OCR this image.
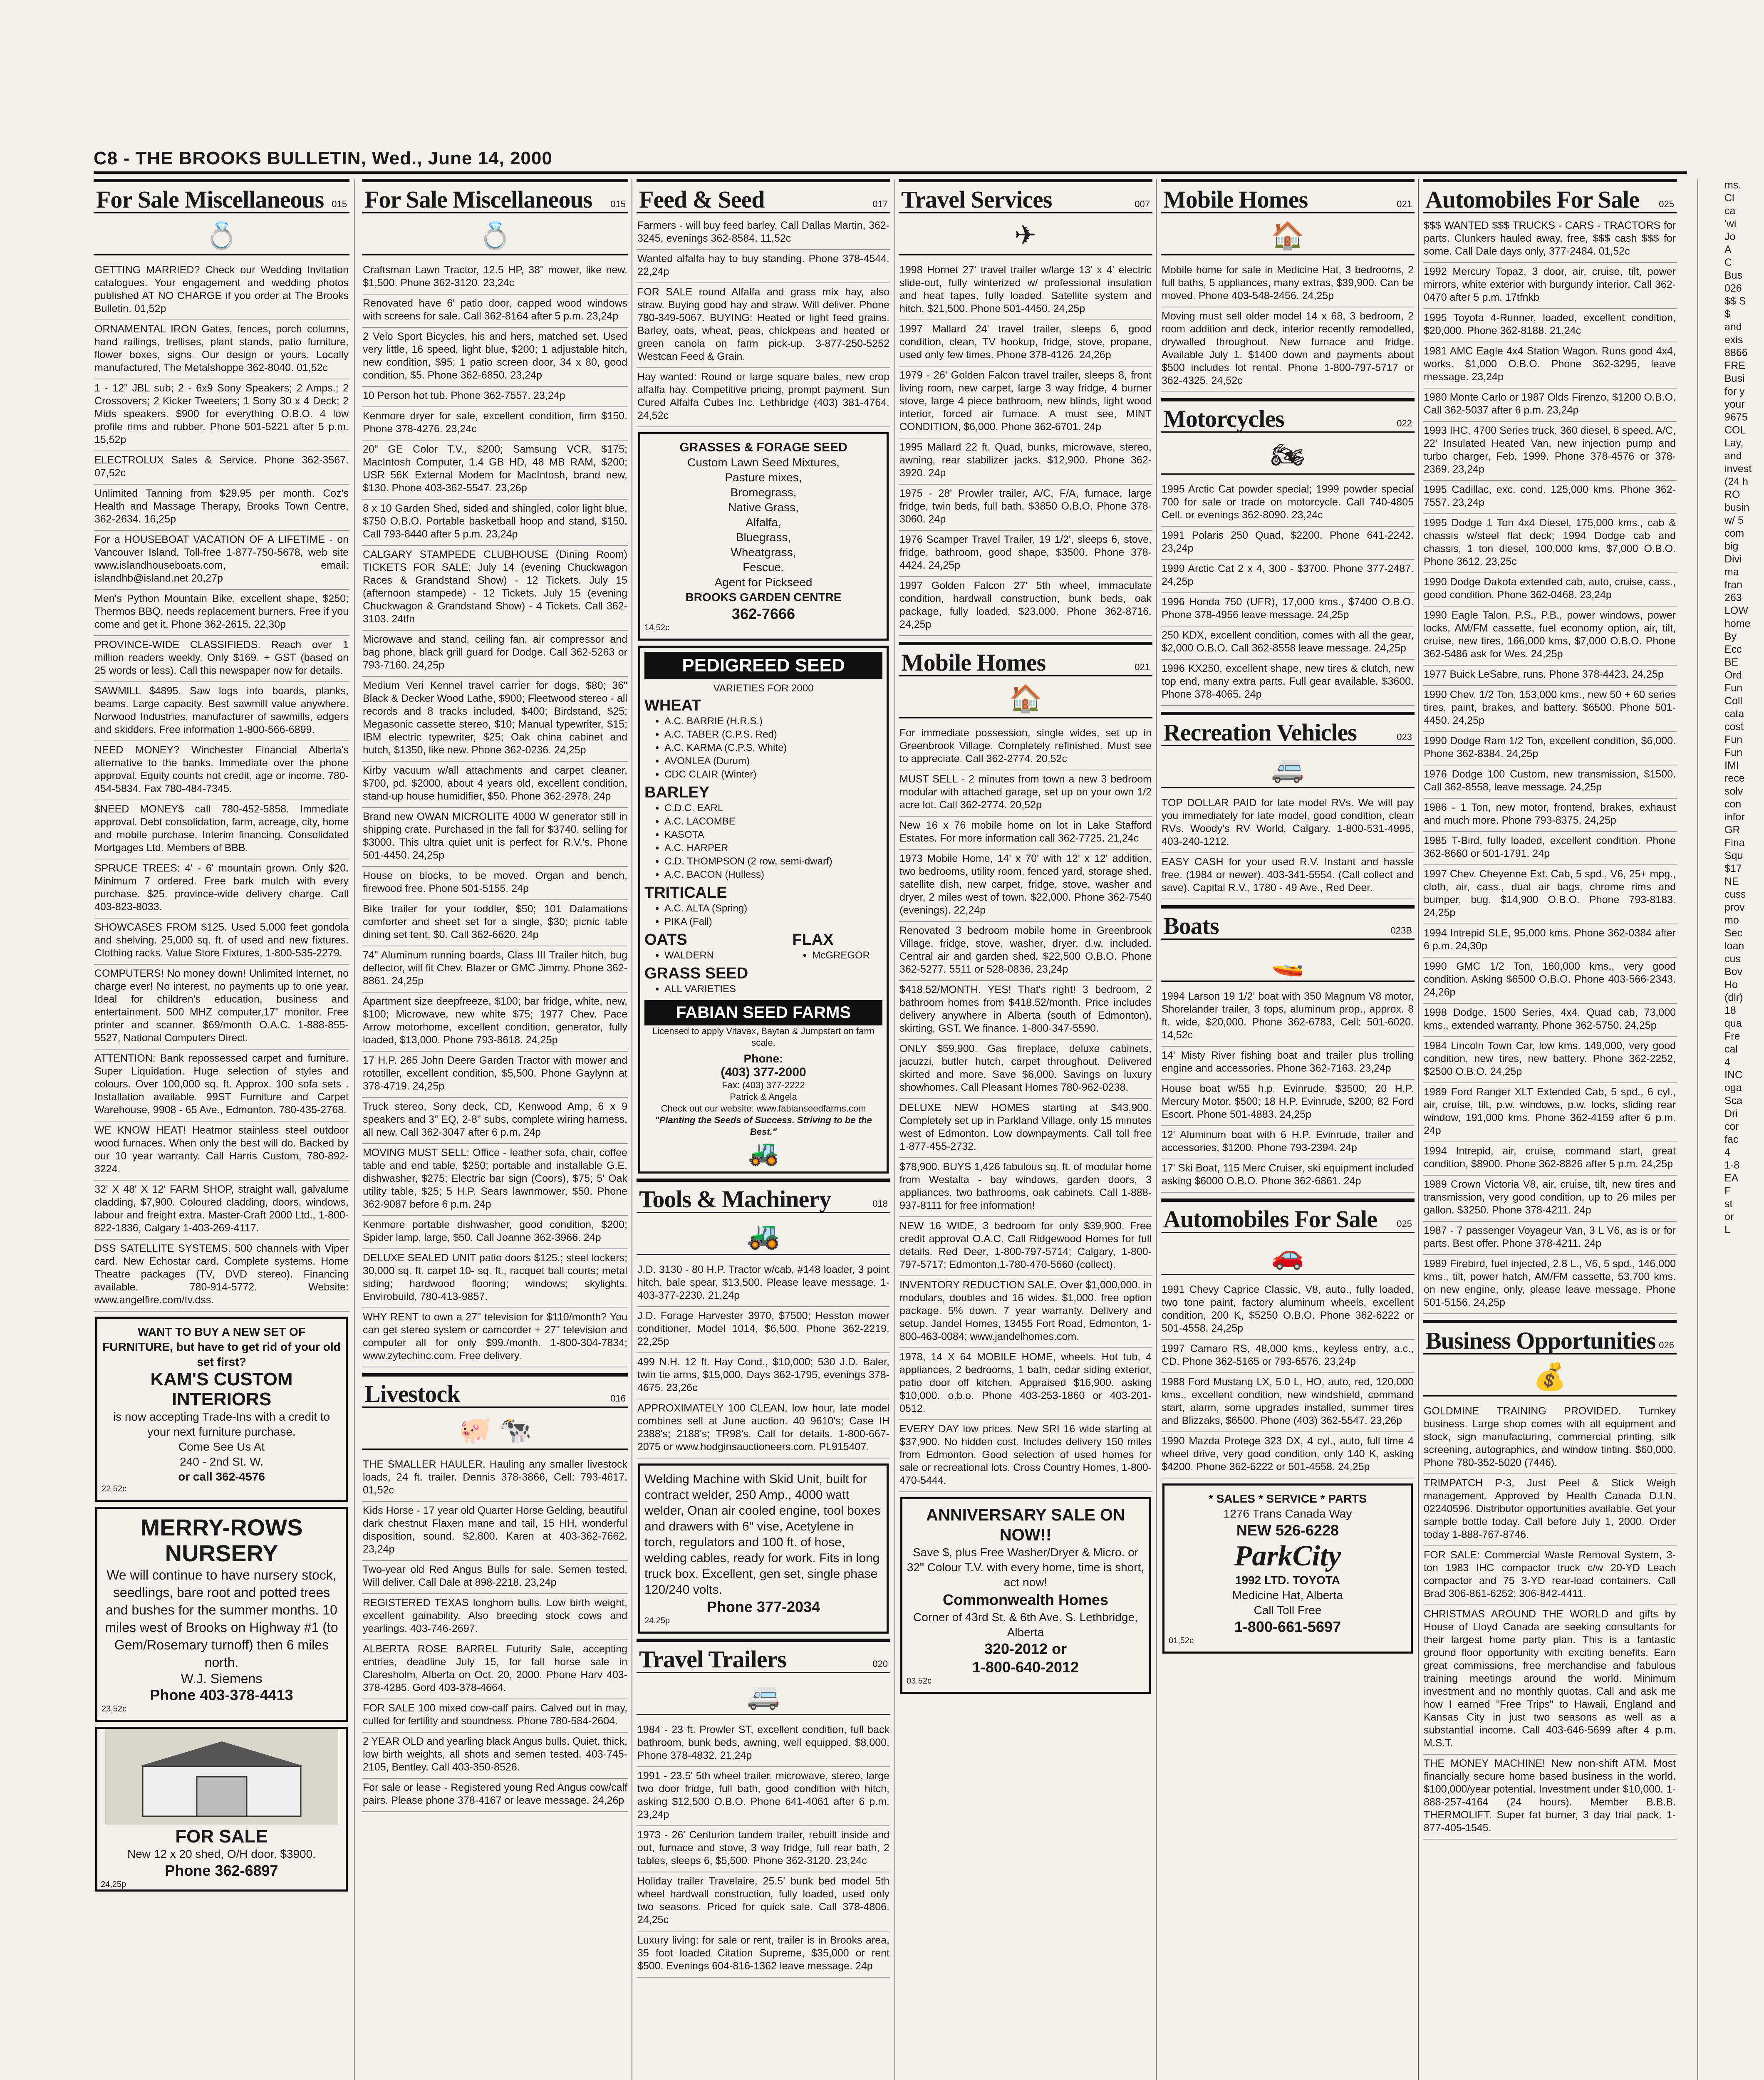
C8 - THE BROOKS BULLETIN, Wed., June 14, 2000
For Sale Miscellaneous 015
💍
GETTING MARRIED? Check our Wedding Invitation catalogues. Your engagement and wedding photos published AT NO CHARGE if you order at The Brooks Bulletin. 01,52p
ORNAMENTAL IRON Gates, fences, porch columns, hand railings, trellises, plant stands, patio furniture, flower boxes, signs. Our design or yours. Locally manufactured, The Metalshoppe 362-8040. 01,52c
1 - 12" JBL sub; 2 - 6x9 Sony Speakers; 2 Amps.; 2 Crossovers; 2 Kicker Tweeters; 1 Sony 30 x 4 Deck; 2 Mids speakers. $900 for everything O.B.O. 4 low profile rims and rubber. Phone 501-5221 after 5 p.m. 15,52p
ELECTROLUX Sales & Service. Phone 362-3567. 07,52c
Unlimited Tanning from $29.95 per month. Coz's Health and Massage Therapy, Brooks Town Centre, 362-2634. 16,25p
For a HOUSEBOAT VACATION OF A LIFETIME - on Vancouver Island. Toll-free 1-877-750-5678, web site www.islandhouseboats.com, email: islandhb@island.net 20,27p
Men's Python Mountain Bike, excellent shape, $250; Thermos BBQ, needs replacement burners. Free if you come and get it. Phone 362-2615. 22,30p
PROVINCE-WIDE CLASSIFIEDS. Reach over 1 million readers weekly. Only $169. + GST (based on 25 words or less). Call this newspaper now for details.
SAWMILL $4895. Saw logs into boards, planks, beams. Large capacity. Best sawmill value anywhere. Norwood Industries, manufacturer of sawmills, edgers and skidders. Free information 1-800-566-6899.
NEED MONEY? Winchester Financial Alberta's alternative to the banks. Immediate over the phone approval. Equity counts not credit, age or income. 780-454-5834. Fax 780-484-7345.
$NEED MONEY$ call 780-452-5858. Immediate approval. Debt consolidation, farm, acreage, city, home and mobile purchase. Interim financing. Consolidated Mortgages Ltd. Members of BBB.
SPRUCE TREES: 4' - 6' mountain grown. Only $20. Minimum 7 ordered. Free bark mulch with every purchase. $25. province-wide delivery charge. Call 403-823-8033.
SHOWCASES FROM $125. Used 5,000 feet gondola and shelving. 25,000 sq. ft. of used and new fixtures. Clothing racks. Value Store Fixtures, 1-800-535-2279.
COMPUTERS! No money down! Unlimited Internet, no charge ever! No interest, no payments up to one year. Ideal for children's education, business and entertainment. 500 MHZ computer,17" monitor. Free printer and scanner. $69/month O.A.C. 1-888-855-5527, National Computers Direct.
ATTENTION: Bank repossessed carpet and furniture. Super Liquidation. Huge selection of styles and colours. Over 100,000 sq. ft. Approx. 100 sofa sets . Installation available. 99ST Furniture and Carpet Warehouse, 9908 - 65 Ave., Edmonton. 780-435-2768.
WE KNOW HEAT! Heatmor stainless steel outdoor wood furnaces. When only the best will do. Backed by our 10 year warranty. Call Harris Custom, 780-892-3224.
32' X 48' X 12' FARM SHOP, straight wall, galvalume cladding, $7,900. Coloured cladding, doors, windows, labour and freight extra. Master-Craft 2000 Ltd., 1-800-822-1836, Calgary 1-403-269-4117.
DSS SATELLITE SYSTEMS. 500 channels with Viper card. New Echostar card. Complete systems. Home Theatre packages (TV, DVD stereo). Financing available. 780-914-5772. Website: www.angelfire.com/tv.dss.
WANT TO BUY A NEW SET OF FURNITURE, but have to get rid of your old set first?
KAM'S CUSTOM INTERIORS
is now accepting Trade-Ins with a credit to your next furniture purchase.
Come See Us At
240 - 2nd St. W.
or call 362-4576
22,52c
MERRY-ROWS NURSERY
We will continue to have nursery stock, seedlings, bare root and potted trees and bushes for the summer months. 10 miles west of Brooks on Highway #1 (to Gem/Rosemary turnoff) then 6 miles north.
W.J. Siemens
Phone 403-378-4413
23,52c
FOR SALE
New 12 x 20 shed, O/H door. $3900.
Phone 362-6897
24,25p
For Sale Miscellaneous 015
💍
Craftsman Lawn Tractor, 12.5 HP, 38" mower, like new. $1,500. Phone 362-3120. 23,24c
Renovated have 6' patio door, capped wood windows with screens for sale. Call 362-8164 after 5 p.m. 23,24p
2 Velo Sport Bicycles, his and hers, matched set. Used very little, 16 speed, light blue, $200; 1 adjustable hitch, new condition, $95; 1 patio screen door, 34 x 80, good condition, $5. Phone 362-6850. 23,24p
10 Person hot tub. Phone 362-7557. 23,24p
Kenmore dryer for sale, excellent condition, firm $150. Phone 378-4276. 23,24c
20" GE Color T.V., $200; Samsung VCR, $175; MacIntosh Computer, 1.4 GB HD, 48 MB RAM, $200; USR 56K External Modem for MacIntosh, brand new, $130. Phone 403-362-5547. 23,26p
8 x 10 Garden Shed, sided and shingled, color light blue, $750 O.B.O. Portable basketball hoop and stand, $150. Call 793-8440 after 5 p.m. 23,24p
CALGARY STAMPEDE CLUBHOUSE (Dining Room) TICKETS FOR SALE: July 14 (evening Chuckwagon Races & Grandstand Show) - 12 Tickets. July 15 (afternoon stampede) - 12 Tickets. July 15 (evening Chuckwagon & Grandstand Show) - 4 Tickets. Call 362-3103. 24tfn
Microwave and stand, ceiling fan, air compressor and bag phone, black grill guard for Dodge. Call 362-5263 or 793-7160. 24,25p
Medium Veri Kennel travel carrier for dogs, $80; 36" Black & Decker Wood Lathe, $900; Fleetwood stereo - all records and 8 tracks included, $400; Birdstand, $25; Megasonic cassette stereo, $10; Manual typewriter, $15; IBM electric typewriter, $25; Oak china cabinet and hutch, $1350, like new. Phone 362-0236. 24,25p
Kirby vacuum w/all attachments and carpet cleaner, $700, pd. $2000, about 4 years old, excellent condition, stand-up house humidifier, $50. Phone 362-2978. 24p
Brand new OWAN MICROLITE 4000 W generator still in shipping crate. Purchased in the fall for $3740, selling for $3000. This ultra quiet unit is perfect for R.V.'s. Phone 501-4450. 24,25p
House on blocks, to be moved. Organ and bench, firewood free. Phone 501-5155. 24p
Bike trailer for your toddler, $50; 101 Dalamations comforter and sheet set for a single, $30; picnic table dining set tent, $0. Call 362-6620. 24p
74" Aluminum running boards, Class III Trailer hitch, bug deflector, will fit Chev. Blazer or GMC Jimmy. Phone 362-8861. 24,25p
Apartment size deepfreeze, $100; bar fridge, white, new, $100; Microwave, new white $75; 1977 Chev. Pace Arrow motorhome, excellent condition, generator, fully loaded, $13,000. Phone 793-8618. 24,25p
17 H.P. 265 John Deere Garden Tractor with mower and rototiller, excellent condition, $5,500. Phone Gaylynn at 378-4719. 24,25p
Truck stereo, Sony deck, CD, Kenwood Amp, 6 x 9 speakers and 3" EQ, 2-8" subs, complete wiring harness, all new. Call 362-3047 after 6 p.m. 24p
MOVING MUST SELL: Office - leather sofa, chair, coffee table and end table, $250; portable and installable G.E. dishwasher, $275; Electric bar sign (Coors), $75; 5' Oak utility table, $25; 5 H.P. Sears lawnmower, $50. Phone 362-9087 before 6 p.m. 24p
Kenmore portable dishwasher, good condition, $200; Spider lamp, large, $50. Call Joanne 362-3966. 24p
DELUXE SEALED UNIT patio doors $125.; steel lockers; 30,000 sq. ft. carpet 10- sq. ft., racquet ball courts; metal siding; hardwood flooring; windows; skylights. Envirobuild, 780-413-9857.
WHY RENT to own a 27" television for $110/month? You can get stereo system or camcorder + 27" television and computer all for only $99./month. 1-800-304-7834; www.zytechinc.com. Free delivery.
Livestock	016
🐖 🐄
THE SMALLER HAULER. Hauling any smaller livestock loads, 24 ft. trailer. Dennis 378-3866, Cell: 793-4617. 01,52c
Kids Horse - 17 year old Quarter Horse Gelding, beautiful dark chestnut Flaxen mane and tail, 15 HH, wonderful disposition, sound. $2,800. Karen at 403-362-7662. 23,24p
Two-year old Red Angus Bulls for sale. Semen tested. Will deliver. Call Dale at 898-2218. 23,24p
REGISTERED TEXAS longhorn bulls. Low birth weight, excellent gainability. Also breeding stock cows and yearlings. 403-746-2697.
ALBERTA ROSE BARREL Futurity Sale, accepting entries, deadline July 15, for fall horse sale in Claresholm, Alberta on Oct. 20, 2000. Phone Harv 403-378-4285. Gord 403-378-4664.
FOR SALE 100 mixed cow-calf pairs. Calved out in may, culled for fertility and soundness. Phone 780-584-2604.
2 YEAR OLD and yearling black Angus bulls. Quiet, thick, low birth weights, all shots and semen tested. 403-745-2105, Bentley. Call 403-350-8526.
For sale or lease - Registered young Red Angus cow/calf pairs. Please phone 378-4167 or leave message. 24,26p
Feed & Seed	017
Farmers - will buy feed barley. Call Dallas Martin, 362-3245, evenings 362-8584. 11,52c
Wanted alfalfa hay to buy standing. Phone 378-4544. 22,24p
FOR SALE round Alfalfa and grass mix hay, also straw. Buying good hay and straw. Will deliver. Phone 780-349-5067. BUYING: Heated or light feed grains. Barley, oats, wheat, peas, chickpeas and heated or green canola on farm pick-up. 3-877-250-5252 Westcan Feed & Grain.
Hay wanted: Round or large square bales, new crop alfalfa hay. Competitive pricing, prompt payment. Sun Cured Alfalfa Cubes Inc. Lethbridge (403) 381-4764. 24,52c
GRASSES & FORAGE SEED
Custom Lawn Seed Mixtures,
Pasture mixes,
Bromegrass,
Native Grass,
Alfalfa,
Bluegrass,
Wheatgrass,
Fescue.
Agent for Pickseed
BROOKS GARDEN CENTRE
362-7666
14,52c
PEDIGREED SEED
VARIETIES FOR 2000
WHEAT
• A.C. BARRIE (H.R.S.)
• A.C. TABER (C.P.S. Red)
• A.C. KARMA (C.P.S. White)
• AVONLEA (Durum)
• CDC CLAIR (Winter)
BARLEY
• C.D.C. EARL
• A.C. LACOMBE
• KASOTA
• A.C. HARPER
• C.D. THOMPSON (2 row, semi-dwarf)
• A.C. BACON (Hulless)
TRITICALE
• A.C. ALTA (Spring)
• PIKA (Fall)
OATS
• WALDERN
FLAX
• McGREGOR
GRASS SEED
• ALL VARIETIES
FABIAN SEED FARMS
Licensed to apply Vitavax, Baytan & Jumpstart on farm scale.
Phone:
(403) 377-2000
Fax: (403) 377-2222
Patrick & Angela
Check out our website: www.fabianseedfarms.com
"Planting the Seeds of Success. Striving to be the Best."
🚜
Tools & Machinery	018
🚜
J.D. 3130 - 80 H.P. Tractor w/cab, #148 loader, 3 point hitch, bale spear, $13,500. Please leave message, 1-403-377-2230. 21,24p
J.D. Forage Harvester 3970, $7500; Hesston mower conditioner, Model 1014, $6,500. Phone 362-2219. 22,25p
499 N.H. 12 ft. Hay Cond., $10,000; 530 J.D. Baler, twin tie arms, $15,000. Days 362-1795, evenings 378-4675. 23,26c
APPROXIMATELY 100 CLEAN, low hour, late model combines sell at June auction. 40 9610's; Case IH 2388's; 2188's; TR98's. Call for details. 1-800-667-2075 or www.hodginsauctioneers.com. PL915407.
Welding Machine with Skid Unit, built for contract welder, 250 Amp., 4000 watt welder, Onan air cooled engine, tool boxes and drawers with 6" vise, Acetylene in torch, regulators and 100 ft. of hose, welding cables, ready for work. Fits in long truck box. Excellent, gen set, single phase 120/240 volts.
Phone 377-2034
24,25p
Travel Trailers	020
🚐
1984 - 23 ft. Prowler ST, excellent condition, full back bathroom, bunk beds, awning, well equipped. $8,000. Phone 378-4832. 21,24p
1991 - 23.5' 5th wheel trailer, microwave, stereo, large two door fridge, full bath, good condition with hitch, asking $12,500 O.B.O. Phone 641-4061 after 6 p.m. 23,24p
1973 - 26' Centurion tandem trailer, rebuilt inside and out, furnace and stove, 3 way fridge, full rear bath, 2 tables, sleeps 6, $5,500. Phone 362-3120. 23,24c
Holiday trailer Travelaire, 25.5' bunk bed model 5th wheel hardwall construction, fully loaded, used only two seasons. Priced for quick sale. Call 378-4806. 24,25c
Luxury living: for sale or rent, trailer is in Brooks area, 35 foot loaded Citation Supreme, $35,000 or rent $500. Evenings 604-816-1362 leave message. 24p
Travel Services	007
✈
1998 Hornet 27' travel trailer w/large 13' x 4' electric slide-out, fully winterized w/ professional insulation and heat tapes, fully loaded. Satellite system and hitch, $21,500. Phone 501-4450. 24,25p
1997 Mallard 24' travel trailer, sleeps 6, good condition, clean, TV hookup, fridge, stove, propane, used only few times. Phone 378-4126. 24,26p
1979 - 26' Golden Falcon travel trailer, sleeps 8, front living room, new carpet, large 3 way fridge, 4 burner stove, large 4 piece bathroom, new blinds, light wood interior, forced air furnace. A must see, MINT CONDITION, $6,000. Phone 362-6701. 24p
1995 Mallard 22 ft. Quad, bunks, microwave, stereo, awning, rear stabilizer jacks. $12,900. Phone 362-3920. 24p
1975 - 28' Prowler trailer, A/C, F/A, furnace, large fridge, twin beds, full bath. $3850 O.B.O. Phone 378-3060. 24p
1976 Scamper Travel Trailer, 19 1/2', sleeps 6, stove, fridge, bathroom, good shape, $3500. Phone 378-4424. 24,25p
1997 Golden Falcon 27' 5th wheel, immaculate condition, hardwall construction, bunk beds, oak package, fully loaded, $23,000. Phone 362-8716. 24,25p
Mobile Homes	021
🏠
For immediate possession, single wides, set up in Greenbrook Village. Completely refinished. Must see to appreciate. Call 362-2774. 20,52c
MUST SELL - 2 minutes from town a new 3 bedroom modular with attached garage, set up on your own 1/2 acre lot. Call 362-2774. 20,52p
New 16 x 76 mobile home on lot in Lake Stafford Estates. For more information call 362-7725. 21,24c
1973 Mobile Home, 14' x 70' with 12' x 12' addition, two bedrooms, utility room, fenced yard, storage shed, satellite dish, new carpet, fridge, stove, washer and dryer, 2 miles west of town. $22,000. Phone 362-7540 (evenings). 22,24p
Renovated 3 bedroom mobile home in Greenbrook Village, fridge, stove, washer, dryer, d.w. included. Central air and garden shed. $22,500 O.B.O. Phone 362-5277. 5511 or 528-0836. 23,24p
$418.52/MONTH. YES! That's right! 3 bedroom, 2 bathroom homes from $418.52/month. Price includes delivery anywhere in Alberta (south of Edmonton), skirting, GST. We finance. 1-800-347-5590.
ONLY $59,900. Gas fireplace, deluxe cabinets, jacuzzi, butler hutch, carpet throughout. Delivered skirted and more. Save $6,000. Savings on luxury showhomes. Call Pleasant Homes 780-962-0238.
DELUXE NEW HOMES starting at $43,900. Completely set up in Parkland Village, only 15 minutes west of Edmonton. Low downpayments. Call toll free 1-877-455-2732.
$78,900. BUYS 1,426 fabulous sq. ft. of modular home from Westalta - bay windows, garden doors, 3 appliances, two bathrooms, oak cabinets. Call 1-888-937-8111 for free information!
NEW 16 WIDE, 3 bedroom for only $39,900. Free credit approval O.A.C. Call Ridgewood Homes for full details. Red Deer, 1-800-797-5714; Calgary, 1-800-797-5717; Edmonton,1-780-470-5660 (collect).
INVENTORY REDUCTION SALE. Over $1,000,000. in modulars, doubles and 16 wides. $1,000. free option package. 5% down. 7 year warranty. Delivery and setup. Jandel Homes, 13455 Fort Road, Edmonton, 1-800-463-0084; www.jandelhomes.com.
1978, 14 X 64 MOBILE HOME, wheels. Hot tub, 4 appliances, 2 bedrooms, 1 bath, cedar siding exterior, patio door off kitchen. Appraised $16,900. asking $10,000. o.b.o. Phone 403-253-1860 or 403-201-0512.
EVERY DAY low prices. New SRI 16 wide starting at $37,900. No hidden cost. Includes delivery 150 miles from Edmonton. Good selection of used homes for sale or recreational lots. Cross Country Homes, 1-800-470-5444.
ANNIVERSARY SALE ON NOW!!
Save $, plus Free Washer/Dryer & Micro. or 32" Colour T.V. with every home, time is short, act now!
Commonwealth Homes
Corner of 43rd St. & 6th Ave. S. Lethbridge, Alberta
320-2012 or
1-800-640-2012
03,52c
Mobile Homes	021
🏠
Mobile home for sale in Medicine Hat, 3 bedrooms, 2 full baths, 5 appliances, many extras, $39,900. Can be moved. Phone 403-548-2456. 24,25p
Moving must sell older model 14 x 68, 3 bedroom, 2 room addition and deck, interior recently remodelled, drywalled throughout. New furnace and fridge. Available July 1. $1400 down and payments about $500 includes lot rental. Phone 1-800-797-5717 or 362-4325. 24,52c
Motorcycles	022
🏍
1995 Arctic Cat powder special; 1999 powder special 700 for sale or trade on motorcycle. Call 740-4805 Cell. or evenings 362-8090. 23,24c
1991 Polaris 250 Quad, $2200. Phone 641-2242. 23,24p
1999 Arctic Cat 2 x 4, 300 - $3700. Phone 377-2487. 24,25p
1996 Honda 750 (UFR), 17,000 kms., $7400 O.B.O. Phone 378-4956 leave message. 24,25p
250 KDX, excellent condition, comes with all the gear, $2,000 O.B.O. Call 362-8558 leave message. 24,25p
1996 KX250, excellent shape, new tires & clutch, new top end, many extra parts. Full gear available. $3600. Phone 378-4065. 24p
Recreation Vehicles	023
🚐
TOP DOLLAR PAID for late model RVs. We will pay you immediately for late model, good condition, clean RVs. Woody's RV World, Calgary. 1-800-531-4995, 403-240-1212.
EASY CASH for your used R.V. Instant and hassle free. (1984 or newer). 403-341-5554. (Call collect and save). Capital R.V., 1780 - 49 Ave., Red Deer.
Boats	023B
🚤
1994 Larson 19 1/2' boat with 350 Magnum V8 motor, Shorelander trailer, 3 tops, aluminum prop., approx. 8 ft. wide, $20,000. Phone 362-6783, Cell: 501-6020. 14,52c
14' Misty River fishing boat and trailer plus trolling engine and accessories. Phone 362-7163. 23,24p
House boat w/55 h.p. Evinrude, $3500; 20 H.P. Mercury Motor, $500; 18 H.P. Evinrude, $200; 82 Ford Escort. Phone 501-4883. 24,25p
12' Aluminum boat with 6 H.P. Evinrude, trailer and accessories, $1200. Phone 793-2394. 24p
17' Ski Boat, 115 Merc Cruiser, ski equipment included asking $6000 O.B.O. Phone 362-6861. 24p
Automobiles For Sale 025
🚗
1991 Chevy Caprice Classic, V8, auto., fully loaded, two tone paint, factory aluminum wheels, excellent condition, 200 K, $5250 O.B.O. Phone 362-6222 or 501-4558. 24,25p
1997 Camaro RS, 48,000 kms., keyless entry, a.c., CD. Phone 362-5165 or 793-6576. 23,24p
1988 Ford Mustang LX, 5.0 L, HO, auto, red, 120,000 kms., excellent condition, new windshield, command start, alarm, some upgrades installed, summer tires and Blizzaks, $6500. Phone (403) 362-5547. 23,26p
1990 Mazda Protege 323 DX, 4 cyl., auto, full time 4 wheel drive, very good condition, only 140 K, asking $4200. Phone 362-6222 or 501-4558. 24,25p
* SALES * SERVICE * PARTS
1276 Trans Canada Way
NEW 526-6228
ParkCity
1992 LTD. TOYOTA
Medicine Hat, Alberta
Call Toll Free
1-800-661-5697
01,52c
Automobiles For Sale 025
$$$ WANTED $$$ TRUCKS - CARS - TRACTORS for parts. Clunkers hauled away, free, $$$ cash $$$ for some. Call Dale days only, 377-2484. 01,52c
1992 Mercury Topaz, 3 door, air, cruise, tilt, power mirrors, white exterior with burgundy interior. Call 362-0470 after 5 p.m. 17tfnkb
1995 Toyota 4-Runner, loaded, excellent condition, $20,000. Phone 362-8188. 21,24c
1981 AMC Eagle 4x4 Station Wagon. Runs good 4x4, works. $1,000 O.B.O. Phone 362-3295, leave message. 23,24p
1980 Monte Carlo or 1987 Olds Firenzo, $1200 O.B.O. Call 362-5037 after 6 p.m. 23,24p
1993 IHC, 4700 Series truck, 360 diesel, 6 speed, A/C, 22' Insulated Heated Van, new injection pump and turbo charger, Feb. 1999. Phone 378-4576 or 378-2369. 23,24p
1995 Cadillac, exc. cond. 125,000 kms. Phone 362-7557. 23,24p
1995 Dodge 1 Ton 4x4 Diesel, 175,000 kms., cab & chassis w/steel flat deck; 1994 Dodge cab and chassis, 1 ton diesel, 100,000 kms, $7,000 O.B.O. Phone 3612. 23,25c
1990 Dodge Dakota extended cab, auto, cruise, cass., good condition. Phone 362-0468. 23,24p
1990 Eagle Talon, P.S., P.B., power windows, power locks, AM/FM cassette, fuel economy option, air, tilt, cruise, new tires, 166,000 kms, $7,000 O.B.O. Phone 362-5486 ask for Wes. 24,25p
1977 Buick LeSabre, runs. Phone 378-4423. 24,25p
1990 Chev. 1/2 Ton, 153,000 kms., new 50 + 60 series tires, paint, brakes, and battery. $6500. Phone 501-4450. 24,25p
1990 Dodge Ram 1/2 Ton, excellent condition, $6,000. Phone 362-8384. 24,25p
1976 Dodge 100 Custom, new transmission, $1500. Call 362-8558, leave message. 24,25p
1986 - 1 Ton, new motor, frontend, brakes, exhaust and much more. Phone 793-8375. 24,25p
1985 T-Bird, fully loaded, excellent condition. Phone 362-8660 or 501-1791. 24p
1997 Chev. Cheyenne Ext. Cab, 5 spd., V6, 25+ mpg., cloth, air, cass., dual air bags, chrome rims and bumper, bug. $14,900 O.B.O. Phone 793-8183. 24,25p
1994 Intrepid SLE, 95,000 kms. Phone 362-0384 after 6 p.m. 24,30p
1990 GMC 1/2 Ton, 160,000 kms., very good condition. Asking $6500 O.B.O. Phone 403-566-2343. 24,26p
1998 Dodge, 1500 Series, 4x4, Quad cab, 73,000 kms., extended warranty. Phone 362-5750. 24,25p
1984 Lincoln Town Car, low kms. 149,000, very good condition, new tires, new battery. Phone 362-2252, $2500 O.B.O. 24,25p
1989 Ford Ranger XLT Extended Cab, 5 spd., 6 cyl., air, cruise, tilt, p.w. windows, p.w. locks, sliding rear window, 191,000 kms. Phone 362-4159 after 6 p.m. 24p
1994 Intrepid, air, cruise, command start, great condition, $8900. Phone 362-8826 after 5 p.m. 24,25p
1989 Crown Victoria V8, air, cruise, tilt, new tires and transmission, very good condition, up to 26 miles per gallon. $3250. Phone 378-4211. 24p
1987 - 7 passenger Voyageur Van, 3 L V6, as is or for parts. Best offer. Phone 378-4211. 24p
1989 Firebird, fuel injected, 2.8 L., V6, 5 spd., 146,000 kms., tilt, power hatch, AM/FM cassette, 53,700 kms. on new engine, only, please leave message. Phone 501-5156. 24,25p
Business Opportunities 026
💰
GOLDMINE TRAINING PROVIDED. Turnkey business. Large shop comes with all equipment and stock, sign manufacturing, commercial printing, silk screening, autographics, and window tinting. $60,000. Phone 780-352-5020 (7446).
TRIMPATCH P-3, Just Peel & Stick Weigh management. Approved by Health Canada D.I.N. 02240596. Distributor opportunities available. Get your sample bottle today. Call before July 1, 2000. Order today 1-888-767-8746.
FOR SALE: Commercial Waste Removal System, 3-ton 1983 IHC compactor truck c/w 20-YD Leach compactor and 75 3-YD rear-load containers. Call Brad 306-861-6252; 306-842-4411.
CHRISTMAS AROUND THE WORLD and gifts by House of Lloyd Canada are seeking consultants for their largest home party plan. This is a fantastic ground floor opportunity with exciting benefits. Earn great commissions, free merchandise and fabulous training meetings around the world. Minimum investment and no monthly quotas. Call and ask me how I earned "Free Trips" to Hawaii, England and Kansas City in just two seasons as well as a substantial income. Call 403-646-5699 after 4 p.m. M.S.T.
THE MONEY MACHINE! New non-shift ATM. Most financially secure home based business in the world. $100,000/year potential. Investment under $10,000. 1-888-257-4164 (24 hours). Member B.B.B. THERMOLIFT. Super fat burner, 3 day trial pack. 1-877-405-1545.
ms.
Cl
ca
'wi
Jo
A
C
Bus
026
$$ S
$
and
exis
8866
FRE
Busi
for y
your
9675
COL
Lay,
and
invest
(24 h
RO
busin
w/ 5
com
big
Divi
ma
fran
263
LOW
home
By
Ecc
BE
Ord
Fun
Coll
cata
cost
Fun
Fun
IMI
rece
solv
con
infor
GR
Fina
Squ
$17
NE
cuss
prov
mo
Sec
loan
cus
Bov
Ho
(dlr)
18
qua
Fre
cal
4
INC
oga
Sca
Dri
cor
fac
4
1-8
EA
F
st
or
L
